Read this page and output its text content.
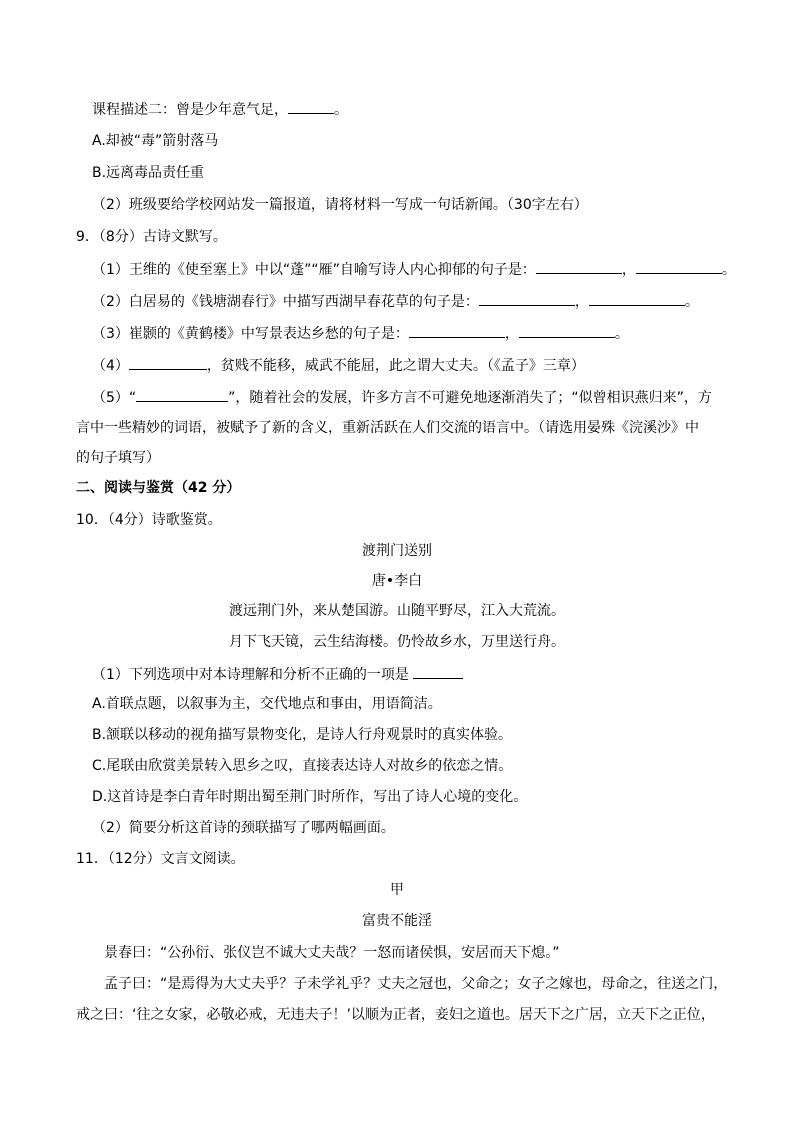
课程描述二：曾是少年意气足，	。
A.却被“毒”箭射落马
B.远离毒品责任重
（2）班级要给学校网站发一篇报道，请将材料一写成一句话新闻。（30字左右）
9．（8分）古诗文默写。
（1）王维的《使至塞上》中以“蓬”“雁”自喻写诗人内心抑郁的句子是：	，	。
（2）白居易的《钱塘湖春行》中描写西湖早春花草的句子是：	，	。
（3）崔颢的《黄鹤楼》中写景表达乡愁的句子是：	，	。
（4）	，贫贱不能移，威武不能屈，此之谓大丈夫。（《孟子》三章）
（5）“	”，随着社会的发展，许多方言不可避免地逐渐消失了；“似曾相识燕归来”，方
言中一些精妙的词语，被赋予了新的含义，重新活跃在人们交流的语言中。（请选用晏殊《浣溪沙》中
的句子填写）
二、阅读与鉴赏（42 分）
10．（4分）诗歌鉴赏。
渡荆门送别
唐•李白
渡远荆门外，来从楚国游。山随平野尽，江入大荒流。
月下飞天镜，云生结海楼。仍怜故乡水，万里送行舟。
（1）下列选项中对本诗理解和分析不正确的一项是
A.首联点题，以叙事为主，交代地点和事由，用语简洁。
B.颔联以移动的视角描写景物变化，是诗人行舟观景时的真实体验。
C.尾联由欣赏美景转入思乡之叹，直接表达诗人对故乡的依恋之情。
D.这首诗是李白青年时期出蜀至荆门时所作，写出了诗人心境的变化。
（2）简要分析这首诗的颈联描写了哪两幅画面。
11．（12分）文言文阅读。
甲
富贵不能淫
景春曰：“公孙衍、张仪岂不诚大丈夫哉？一怒而诸侯惧，安居而天下熄。”
孟子曰：“是焉得为大丈夫乎？子未学礼乎？丈夫之冠也，父命之；女子之嫁也，母命之，往送之门，
戒之曰：‘往之女家，必敬必戒，无违夫子！’以顺为正者，妾妇之道也。居天下之广居，立天下之正位，
